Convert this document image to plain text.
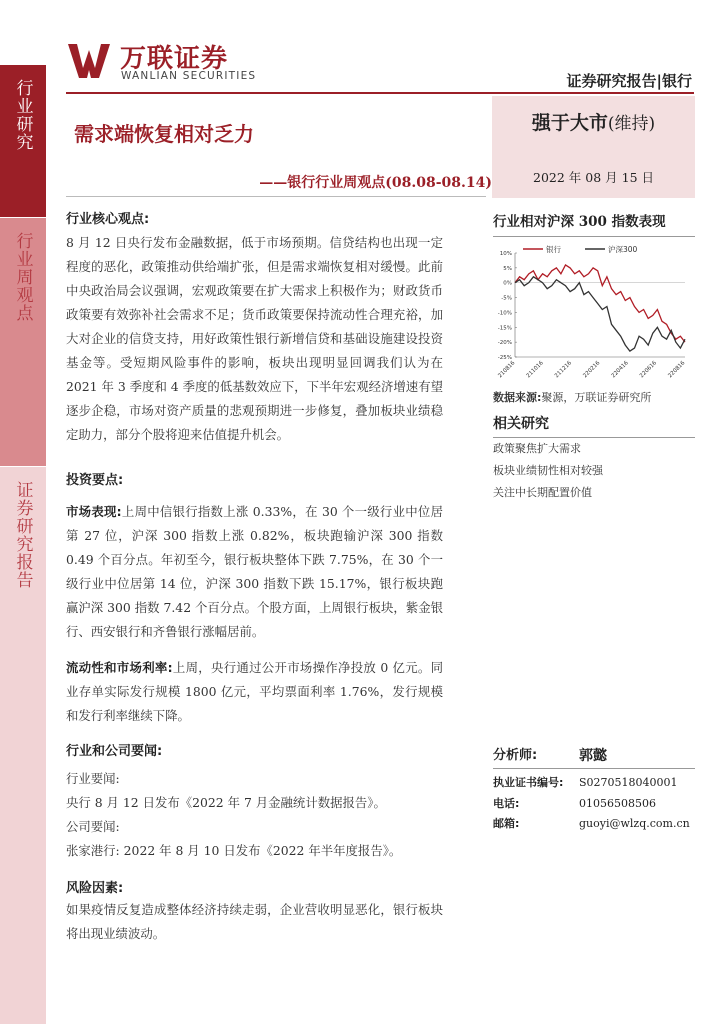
行业研究
行业周观点
证券研究报告
万联证券
WANLIAN SECURITIES	证券研究报告|银行
需求端恢复相对乏力
——银行行业周观点(08.08-08.14)
强于大市(维持)
2022 年 08 月 15 日
行业核心观点:
8 月 12 日央行发布金融数据，低于市场预期。信贷结构也出现一定程度的恶化，政策推动供给端扩张，但是需求端恢复相对缓慢。此前中央政治局会议强调，宏观政策要在扩大需求上积极作为；财政货币政策要有效弥补社会需求不足；货币政策要保持流动性合理充裕，加大对企业的信贷支持，用好政策性银行新增信贷和基础设施建设投资基金等。受短期风险事件的影响，板块出现明显回调我们认为在 2021 年 3 季度和 4 季度的低基数效应下，下半年宏观经济增速有望逐步企稳，市场对资产质量的悲观预期进一步修复，叠加板块业绩稳定助力，部分个股将迎来估值提升机会。
投资要点:
市场表现:上周中信银行指数上涨 0.33%，在 30 个一级行业中位居第 27 位，沪深 300 指数上涨 0.82%，板块跑输沪深 300 指数 0.49 个百分点。年初至今，银行板块整体下跌 7.75%，在 30 个一级行业中位居第 14 位，沪深 300 指数下跌 15.17%，银行板块跑赢沪深 300 指数 7.42 个百分点。个股方面，上周银行板块，紫金银行、西安银行和齐鲁银行涨幅居前。
流动性和市场利率:上周，央行通过公开市场操作净投放 0 亿元。同业存单实际发行规模 1800 亿元，平均票面利率 1.76%，发行规模和发行利率继续下降。
行业和公司要闻:
行业要闻:
央行 8 月 12 日发布《2022 年 7 月金融统计数据报告》。
公司要闻:
张家港行: 2022 年 8 月 10 日发布《2022 年半年度报告》。
风险因素:
如果疫情反复造成整体经济持续走弱，企业营收明显恶化，银行板块将出现业绩波动。
行业相对沪深 300 指数表现
银行	沪深300
10%
5%
0%
-5%
-10%
-15%
-20%
-25%
210816 211016 211216 220216 220416 220616 220816
数据来源:聚源，万联证券研究所
相关研究
政策聚焦扩大需求
板块业绩韧性相对较强
关注中长期配置价值
分析师:	郭懿
执业证书编号:	S0270518040001
电话:	01056508506
邮箱:	guoyi@wlzq.com.cn
